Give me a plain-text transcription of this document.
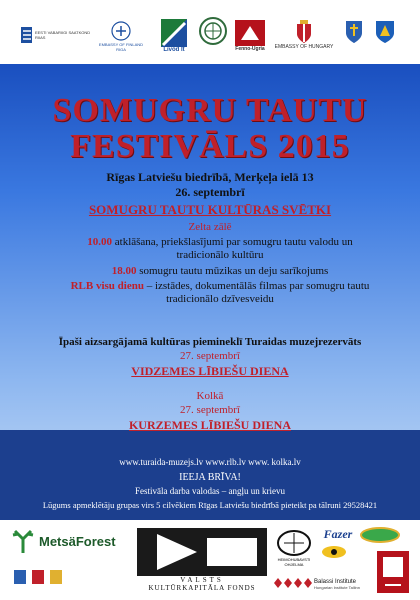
EESTI VABARIIGI SAATKOND RIIAS
EMBASSY OF FINLAND RIGA	Līvõd Īt	Fenno-Ugria EMBASSY OF HUNGARY
SOMUGRU TAUTU
FESTIVĀLS 2015
Rīgas Latviešu biedrībā, Merķeļa ielā 13
26. septembrī
SOMUGRU TAUTU KULTŪRAS SVĒTKI
Zelta zālē
10.00 atklāšana, priekšlasījumi par somugru tautu valodu un tradicionālo kultūru
18.00 somugru tautu mūzikas un deju sarīkojums
RLB visu dienu – izstādes, dokumentālās filmas par somugru tautu tradicionālo dzīvesveidu
Īpaši aizsargājamā kultūras piemineklī Turaidas muzejrezervāts
27. septembrī
VIDZEMES LĪBIEŠU DIENA
Kolkā
27. septembrī
KURZEMES LĪBIEŠU DIENA
www.turaida-muzejs.lv www.rlb.lv www. kolka.lv
IEEJA BRĪVA!
Festivāla darba valodas – angļu un krievu
Lūgums apmeklētāju grupas virs 5 cilvēkiem Rīgas Latviešu biedrībā pieteikt pa tālruni 29528421
MetsäForest
VALSTS
KULTŪRKAPITĀLA FONDS
HEIMOHUBAVSTI OHJELMA
Fazer
Balassi Institute
Hungarian Institute Tallinn
